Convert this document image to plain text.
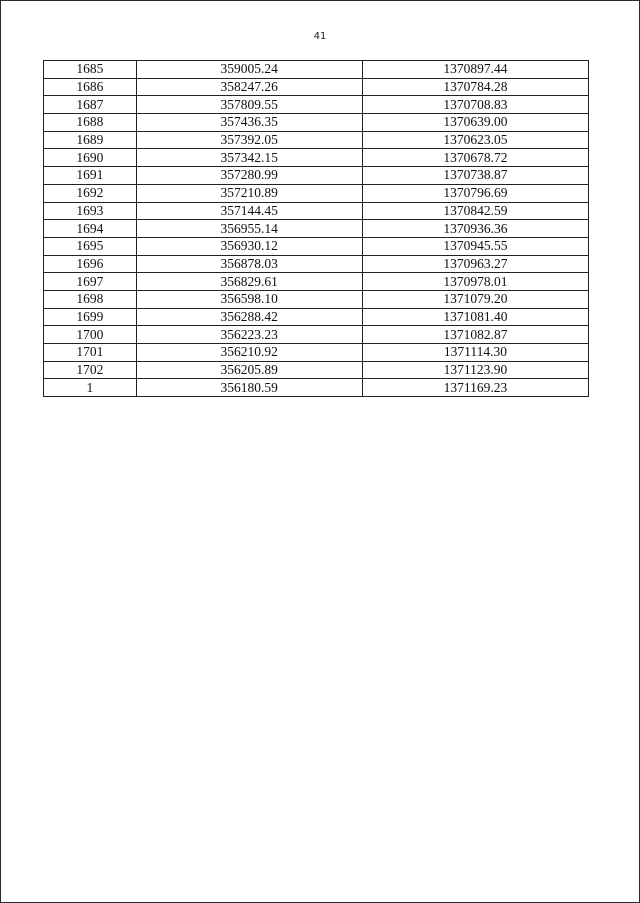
41
1685	359005.24	1370897.44
1686	358247.26	1370784.28
1687	357809.55	1370708.83
1688	357436.35	1370639.00
1689	357392.05	1370623.05
1690	357342.15	1370678.72
1691	357280.99	1370738.87
1692	357210.89	1370796.69
1693	357144.45	1370842.59
1694	356955.14	1370936.36
1695	356930.12	1370945.55
1696	356878.03	1370963.27
1697	356829.61	1370978.01
1698	356598.10	1371079.20
1699	356288.42	1371081.40
1700	356223.23	1371082.87
1701	356210.92	1371114.30
1702	356205.89	1371123.90
1	356180.59	1371169.23
